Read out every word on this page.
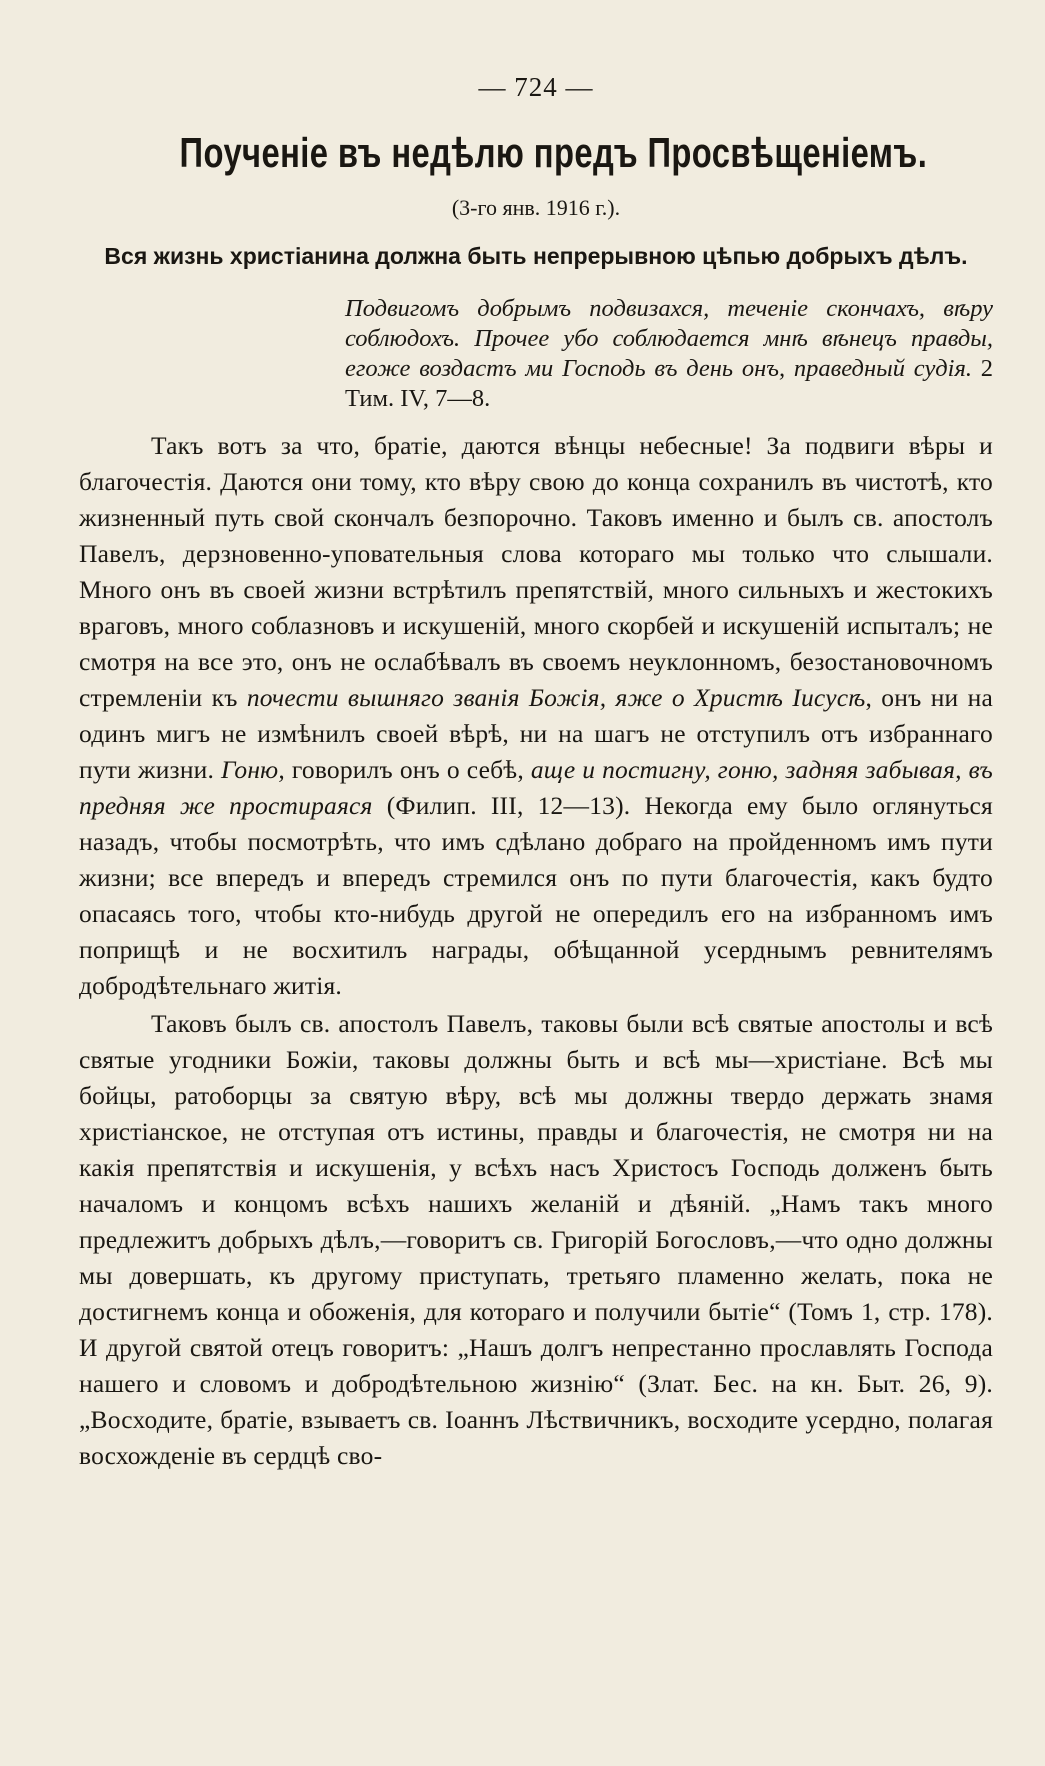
— 724 —
Поученіе въ недѣлю предъ Просвѣщеніемъ.
(3-го янв. 1916 г.).
Вся жизнь христіанина должна быть непрерывною цѣпью добрыхъ дѣлъ.
Подвигомъ добрымъ подвизахся, теченіе скончахъ, вѣру соблюдохъ. Прочее убо соблюдается мнѣ вѣнецъ правды, егоже воздастъ ми Господь въ день онъ, праведный судія. 2 Тим. IV, 7—8.

Такъ вотъ за что, братіе, даются вѣнцы небесные! За подвиги вѣры и благочестія. Даются они тому, кто вѣру свою до конца сохранилъ въ чистотѣ, кто жизненный путь свой скончалъ безпорочно. Таковъ именно и былъ св. апостолъ Павелъ, дерзновенно-уповательныя слова котораго мы только что слышали. Много онъ въ своей жизни встрѣтилъ препятствій, много сильныхъ и жестокихъ враговъ, много соблазновъ и искушеній, много скорбей и искушеній испыталъ; не смотря на все это, онъ не ослабѣвалъ въ своемъ неуклонномъ, безостановочномъ стремленіи къ почести вышняго званія Божія, яже о Христѣ Іисусѣ, онъ ни на одинъ мигъ не измѣнилъ своей вѣрѣ, ни на шагъ не отступилъ отъ избраннаго пути жизни. Гоню, говорилъ онъ о себѣ, аще и постигну, гоню, задняя забывая, въ предняя же простираяся (Филип. III, 12—13). Некогда ему было оглянуться назадъ, чтобы посмотрѣть, что имъ сдѣлано добраго на пройденномъ имъ пути жизни; все впередъ и впередъ стремился онъ по пути благочестія, какъ будто опасаясь того, чтобы кто-нибудь другой не опередилъ его на избранномъ имъ поприщѣ и не восхитилъ награды, обѣщанной усерднымъ ревнителямъ добродѣтельнаго житія.

Таковъ былъ св. апостолъ Павелъ, таковы были всѣ святые апостолы и всѣ святые угодники Божіи, таковы должны быть и всѣ мы—христіане. Всѣ мы бойцы, ратоборцы за святую вѣру, всѣ мы должны твердо держать знамя христіанское, не отступая отъ истины, правды и благочестія, не смотря ни на какія препятствія и искушенія, у всѣхъ насъ Христосъ Господь долженъ быть началомъ и концомъ всѣхъ нашихъ желаній и дѣяній. „Намъ такъ много предлежитъ добрыхъ дѣлъ,—говоритъ св. Григорій Богословъ,—что одно должны мы довершать, къ другому приступать, третьяго пламенно желать, пока не достигнемъ конца и обоженія, для котораго и получили бытіе“ (Томъ 1, стр. 178). И другой святой отецъ говоритъ: „Нашъ долгъ непрестанно прославлять Господа нашего и словомъ и добродѣтельною жизнію“ (Злат. Бес. на кн. Быт. 26, 9). „Восходите, братіе, взываетъ св. Іоаннъ Лѣствичникъ, восходите усердно, полагая восхожденіе въ сердцѣ сво-
